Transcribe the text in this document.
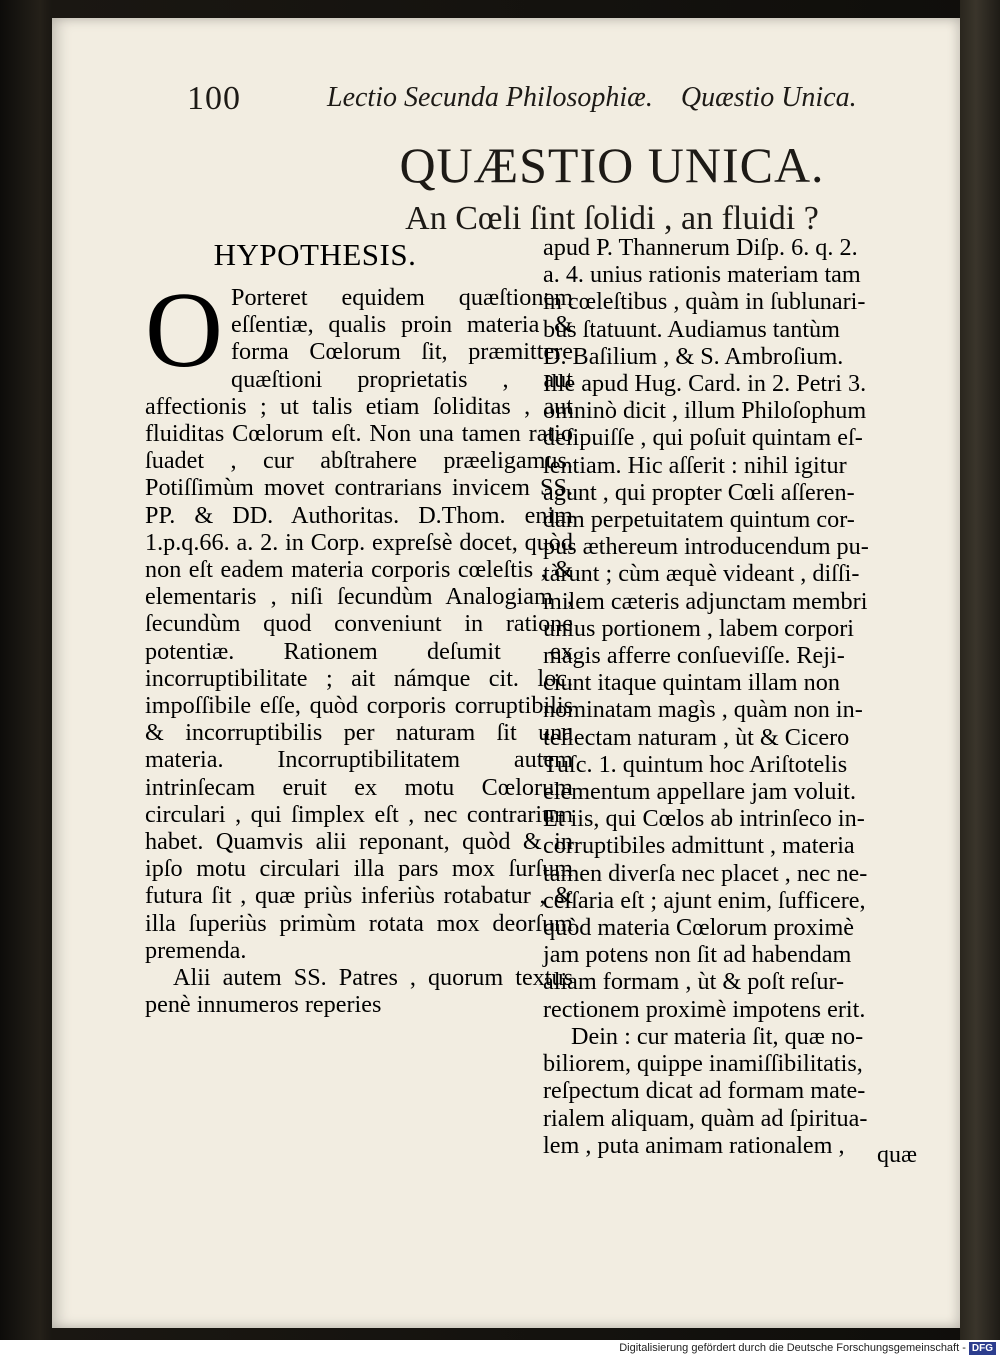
100	Lectio Secunda Philosophiæ. Quæstio Unica.
QUÆSTIO UNICA.
An Cœli ſint ſolidi , an fluidi ?
HYPOTHESIS.

O Porteret equidem quæſtionem eſſentiæ, qualis proin materia & forma Cœlorum ſit, præmittere quæſtioni proprietatis , aut affectionis ; ut talis etiam ſoliditas , aut fluiditas Cœlorum eſt. Non una tamen ratio ſuadet , cur abſtrahere præeligamus. Potiſſimùm movet contrarians invicem SS. PP. & DD. Authoritas. D.Thom. enim 1.p.q.66. a. 2. in Corp. expreſsè docet, quòd non eſt eadem materia corporis cœleſtis , & elementaris , niſi ſecundùm Analogiam , ſecundùm quod conveniunt in ratione potentiæ. Rationem deſumit ex incorruptibilitate ; ait námque cit. loc. impoſſibile eſſe, quòd corporis corruptibilis & incorruptibilis per naturam ſit una materia. Incorruptibilitatem autem intrinſecam eruit ex motu Cœlorum circulari , qui ſimplex eſt , nec contrarium habet. Quamvis alii reponant, quòd & in ipſo motu circulari illa pars mox ſurſum futura ſit , quæ priùs inferiùs rotabatur , & illa ſuperiùs primùm rotata mox deorſum premenda.

Alii autem SS. Patres , quorum textus penè innumeros reperies

apud P. Thannerum Diſp. 6. q. 2.
a. 4. unius rationis materiam tam
in cœleſtibus , quàm in ſublunari-
bus ſtatuunt. Audiamus tantùm
D. Baſilium , & S. Ambroſium.
Ille apud Hug. Card. in 2. Petri 3.
omninò dicit , illum Philoſophum
deſipuiſſe , qui poſuit quintam eſ-
ſentiam. Hic aſſerit : nihil igitur
agunt , qui propter Cœli aſſeren-
dam perpetuitatem quintum cor-
pus æthereum introducendum pu-
tàrunt ; cùm æquè videant , diſſi-
milem cæteris adjunctam membri
unius portionem , labem corpori
magis afferre conſueviſſe. Reji-
ciunt itaque quintam illam non
nominatam magìs , quàm non in-
tellectam naturam , ùt & Cicero
Tuſc. 1. quintum hoc Ariſtotelis
elementum appellare jam voluit.
Et iis, qui Cœlos ab intrinſeco in-
corruptibiles admittunt , materia
tamen diverſa nec placet , nec ne-
ceſſaria eſt ; ajunt enim, ſufficere,
quòd materia Cœlorum proximè
jam potens non ſit ad habendam
aliam formam , ùt & poſt reſur-
rectionem proximè impotens erit.
Dein : cur materia ſit, quæ no-
biliorem, quippe inamiſſibilitatis,
reſpectum dicat ad formam mate-
rialem aliquam, quàm ad ſpiritua-
lem , puta animam rationalem ,	quæ
Digitalisierung gefördert durch die Deutsche Forschungsgemeinschaft - DFG
